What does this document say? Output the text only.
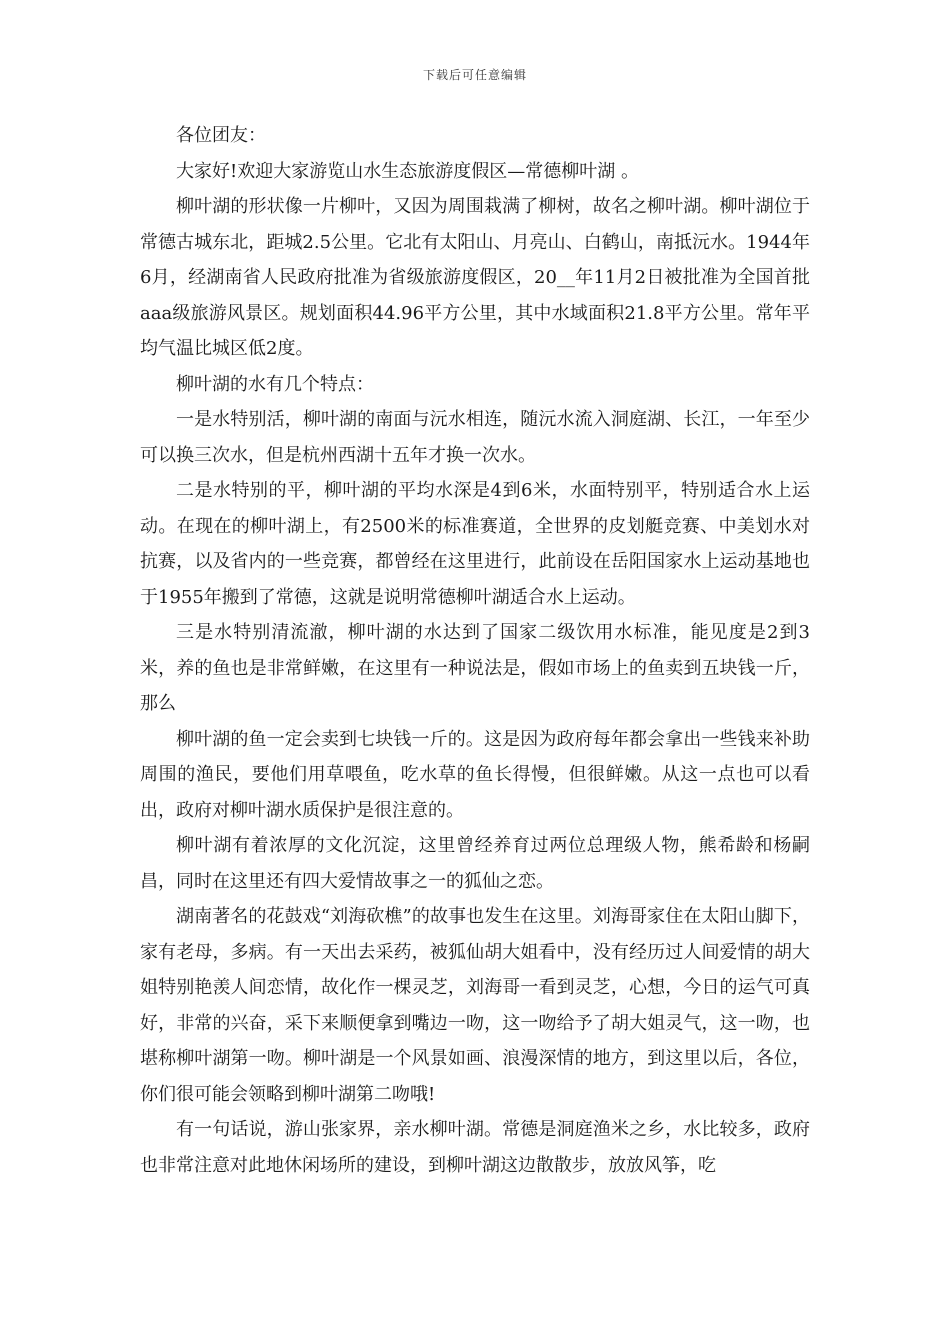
下载后可任意编辑

各位团友：

大家好!欢迎大家游览山水生态旅游度假区—常德柳叶湖 。

柳叶湖的形状像一片柳叶，又因为周围栽满了柳树，故名之柳叶湖。柳叶湖位于常德古城东北，距城2.5公里。它北有太阳山、月亮山、白鹤山，南抵沅水。1944年6月，经湖南省人民政府批准为省级旅游度假区，20__年11月2日被批准为全国首批aaa级旅游风景区。规划面积44.96平方公里，其中水域面积21.8平方公里。常年平均气温比城区低2度。

柳叶湖的水有几个特点：

一是水特别活，柳叶湖的南面与沅水相连，随沅水流入洞庭湖、长江，一年至少可以换三次水，但是杭州西湖十五年才换一次水。

二是水特别的平，柳叶湖的平均水深是4到6米，水面特别平，特别适合水上运动。在现在的柳叶湖上，有2500米的标准赛道，全世界的皮划艇竞赛、中美划水对抗赛，以及省内的一些竞赛，都曾经在这里进行，此前设在岳阳国家水上运动基地也于1955年搬到了常德，这就是说明常德柳叶湖适合水上运动。

三是水特别清流澈，柳叶湖的水达到了国家二级饮用水标准，能见度是2到3米，养的鱼也是非常鲜嫩，在这里有一种说法是，假如市场上的鱼卖到五块钱一斤，那么

柳叶湖的鱼一定会卖到七块钱一斤的。这是因为政府每年都会拿出一些钱来补助周围的渔民，要他们用草喂鱼，吃水草的鱼长得慢，但很鲜嫩。从这一点也可以看出，政府对柳叶湖水质保护是很注意的。

柳叶湖有着浓厚的文化沉淀，这里曾经养育过两位总理级人物，熊希龄和杨嗣昌，同时在这里还有四大爱情故事之一的狐仙之恋。

湖南著名的花鼓戏“刘海砍樵”的故事也发生在这里。刘海哥家住在太阳山脚下，家有老母，多病。有一天出去采药，被狐仙胡大姐看中，没有经历过人间爱情的胡大姐特别艳羡人间恋情，故化作一棵灵芝，刘海哥一看到灵芝，心想，今日的运气可真好，非常的兴奋，采下来顺便拿到嘴边一吻，这一吻给予了胡大姐灵气，这一吻，也堪称柳叶湖第一吻。柳叶湖是一个风景如画、浪漫深情的地方，到这里以后，各位，你们很可能会领略到柳叶湖第二吻哦!

有一句话说，游山张家界，亲水柳叶湖。常德是洞庭渔米之乡，水比较多，政府也非常注意对此地休闲场所的建设，到柳叶湖这边散散步，放放风筝，吃
